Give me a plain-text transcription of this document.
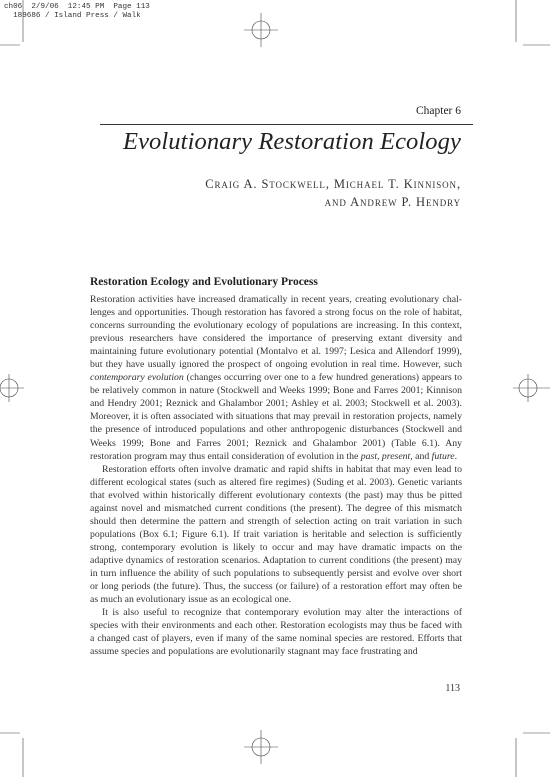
ch06  2/9/06  12:45 PM  Page 113
189686 / Island Press / Walk
Chapter 6
Evolutionary Restoration Ecology
Craig A. Stockwell, Michael T. Kinnison,
and Andrew P. Hendry
Restoration Ecology and Evolutionary Process

Restoration activities have increased dramatically in recent years, creating evolutionary challenges and opportunities. Though restoration has favored a strong focus on the role of habitat, concerns surrounding the evolutionary ecology of populations are increasing. In this context, previous researchers have considered the importance of preserving extant diversity and maintaining future evolutionary potential (Montalvo et al. 1997; Lesica and Allendorf 1999), but they have usually ignored the prospect of ongoing evolution in real time. However, such contemporary evolution (changes occurring over one to a few hundred generations) appears to be relatively common in nature (Stockwell and Weeks 1999; Bone and Farres 2001; Kinnison and Hendry 2001; Reznick and Ghalambor 2001; Ashley et al. 2003; Stockwell et al. 2003). Moreover, it is often associated with situations that may prevail in restoration projects, namely the presence of introduced populations and other anthropogenic disturbances (Stockwell and Weeks 1999; Bone and Farres 2001; Reznick and Ghalambor 2001) (Table 6.1). Any restoration program may thus entail consideration of evolution in the past, present, and future.

Restoration efforts often involve dramatic and rapid shifts in habitat that may even lead to different ecological states (such as altered fire regimes) (Suding et al. 2003). Genetic variants that evolved within historically different evolutionary contexts (the past) may thus be pitted against novel and mismatched current conditions (the present). The degree of this mismatch should then determine the pattern and strength of selection acting on trait variation in such populations (Box 6.1; Figure 6.1). If trait variation is heritable and selection is sufficiently strong, contemporary evolution is likely to occur and may have dramatic impacts on the adaptive dynamics of restoration scenarios. Adaptation to current conditions (the present) may in turn influence the ability of such populations to subsequently persist and evolve over short or long periods (the future). Thus, the success (or failure) of a restoration effort may often be as much an evolutionary issue as an ecological one.

It is also useful to recognize that contemporary evolution may alter the interactions of species with their environments and each other. Restoration ecologists may thus be faced with a changed cast of players, even if many of the same nominal species are restored. Efforts that assume species and populations are evolutionarily stagnant may face frustrating and

113
